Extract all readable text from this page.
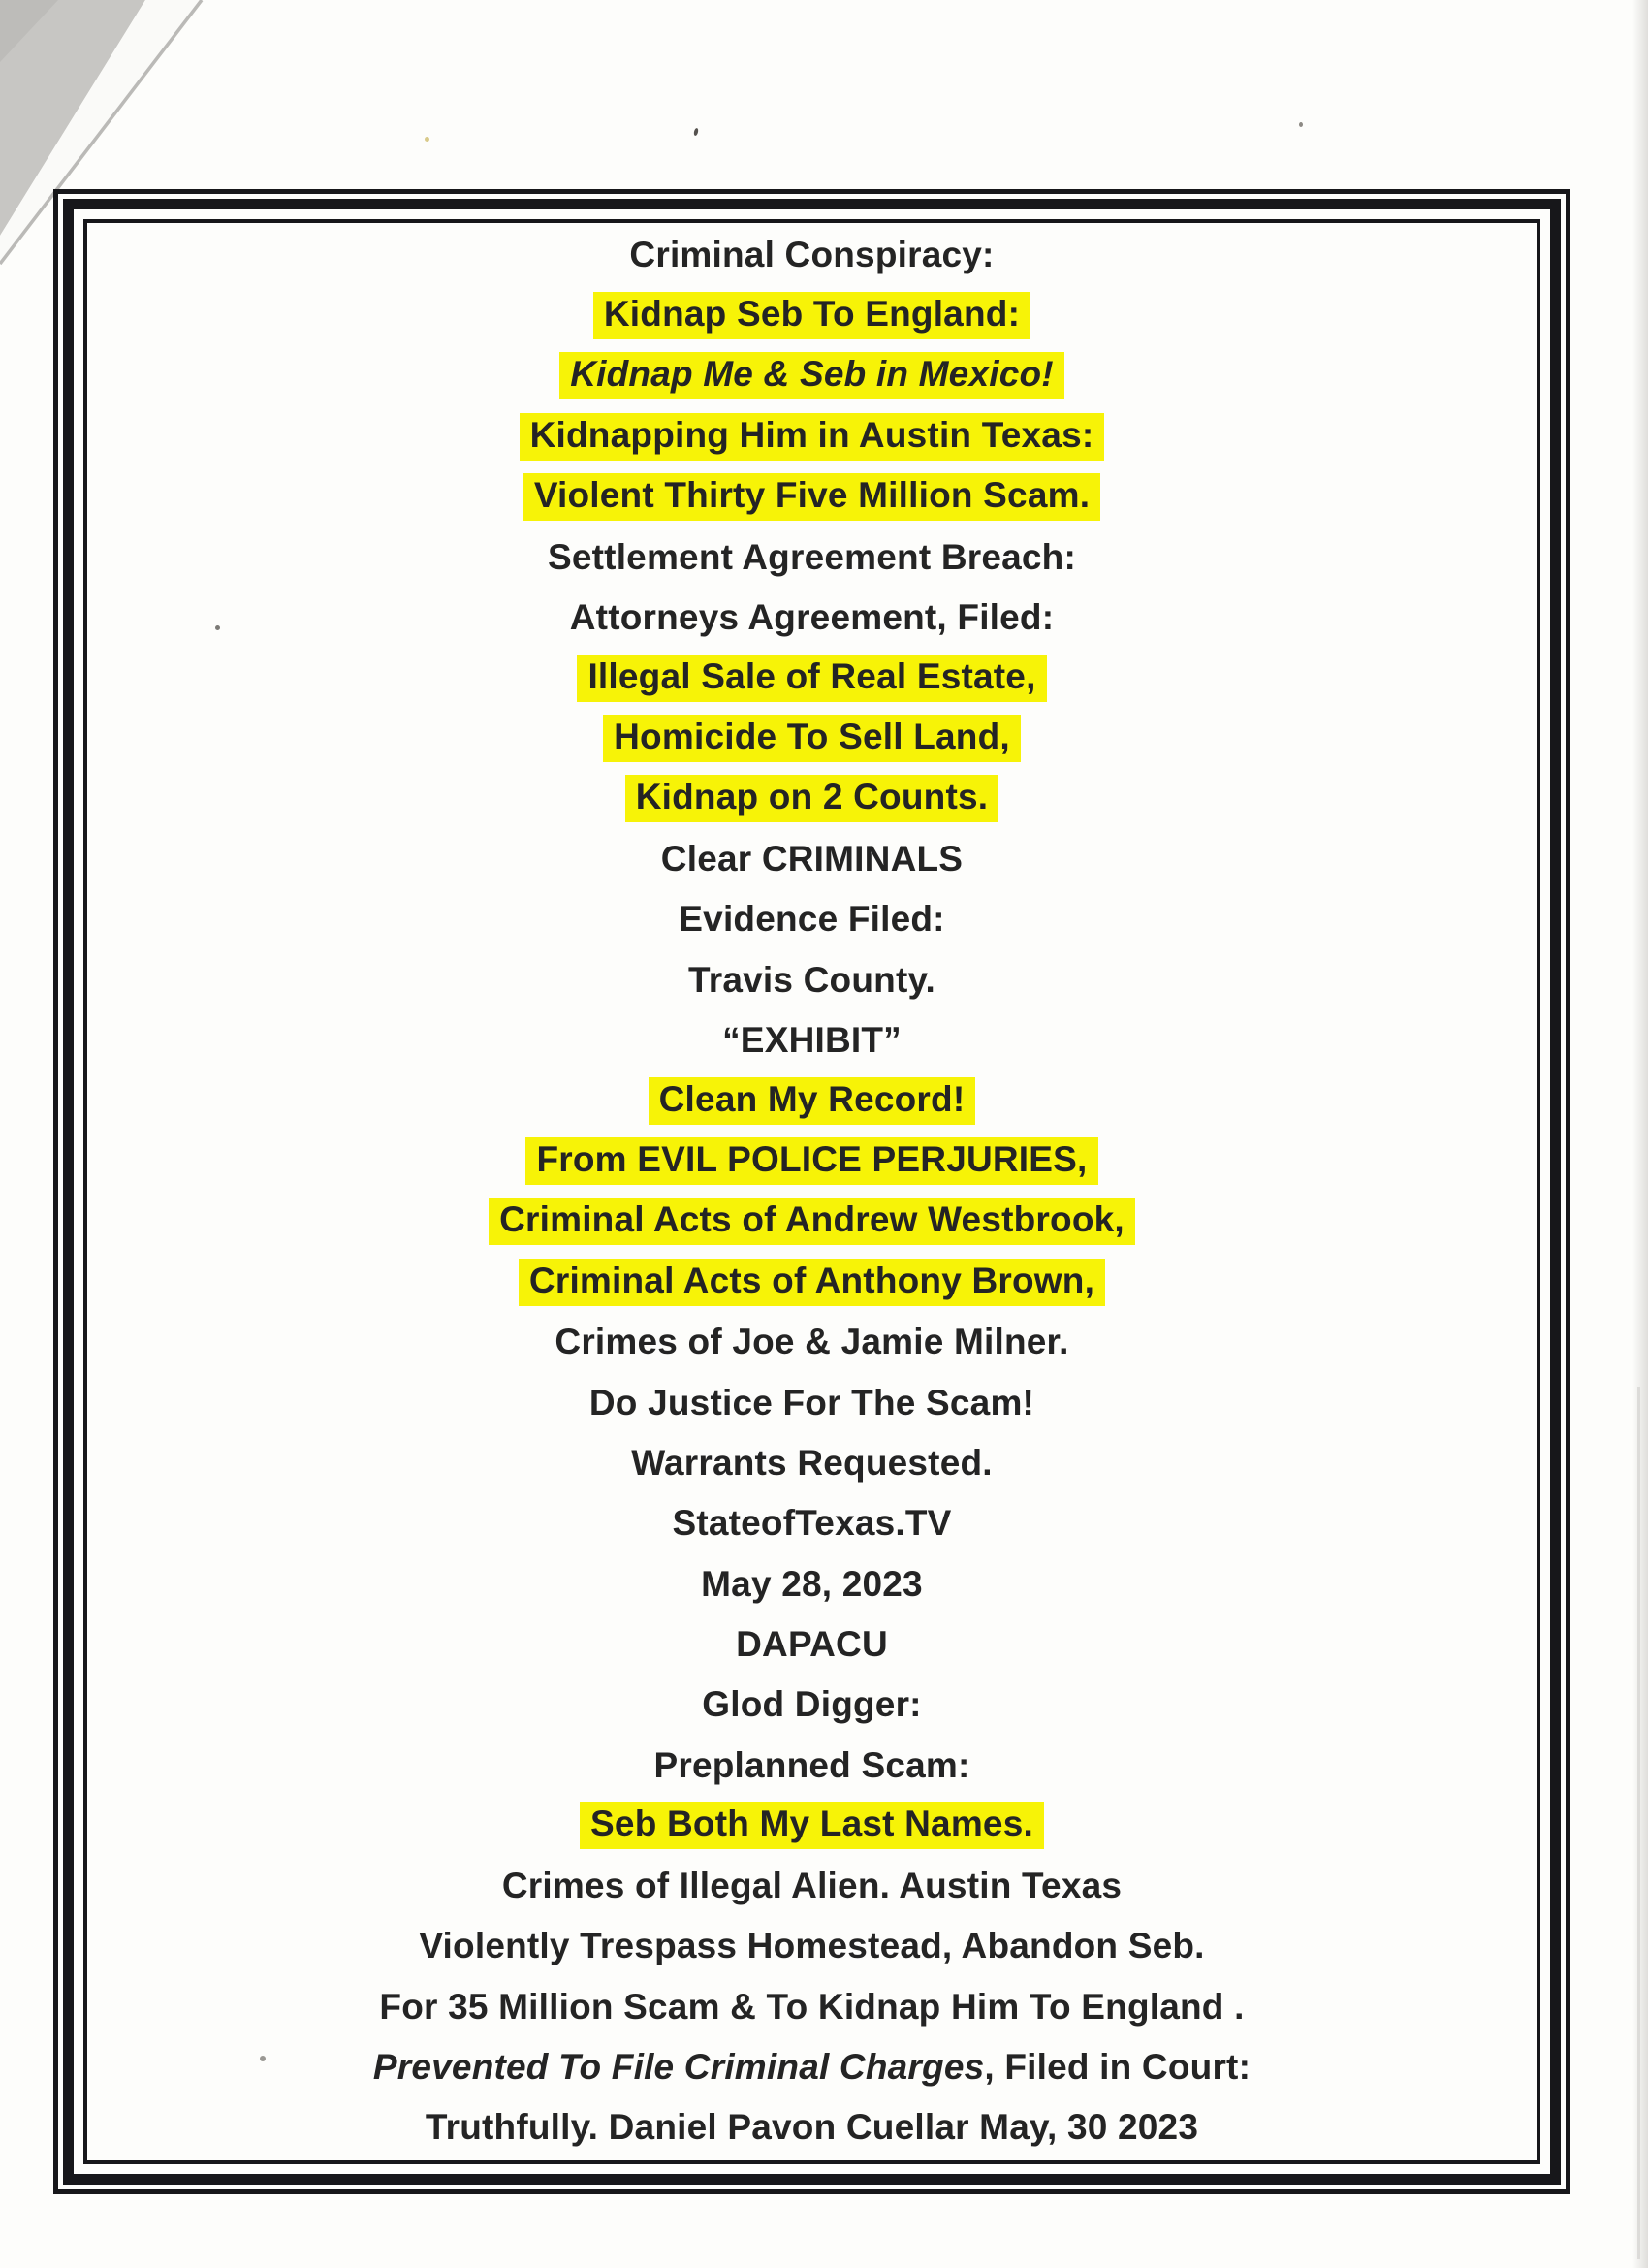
Criminal Conspiracy:
Kidnap Seb To England:
Kidnap Me & Seb in Mexico!
Kidnapping Him in Austin Texas:
Violent Thirty Five Million Scam.
Settlement Agreement Breach:
Attorneys Agreement, Filed:
Illegal Sale of Real Estate,
Homicide To Sell Land,
Kidnap on 2 Counts.
Clear CRIMINALS
Evidence Filed:
Travis County.
“EXHIBIT”
Clean My Record!
From EVIL POLICE PERJURIES,
Criminal Acts of Andrew Westbrook,
Criminal Acts of Anthony Brown,
Crimes of Joe & Jamie Milner.
Do Justice For The Scam!
Warrants Requested.
StateofTexas.TV
May 28, 2023
DAPACU
Glod Digger:
Preplanned Scam:
Seb Both My Last Names.
Crimes of Illegal Alien. Austin Texas
Violently Trespass Homestead, Abandon Seb.
For 35 Million Scam & To Kidnap Him To England .
Prevented To File Criminal Charges, Filed in Court:
Truthfully. Daniel Pavon Cuellar May, 30 2023
